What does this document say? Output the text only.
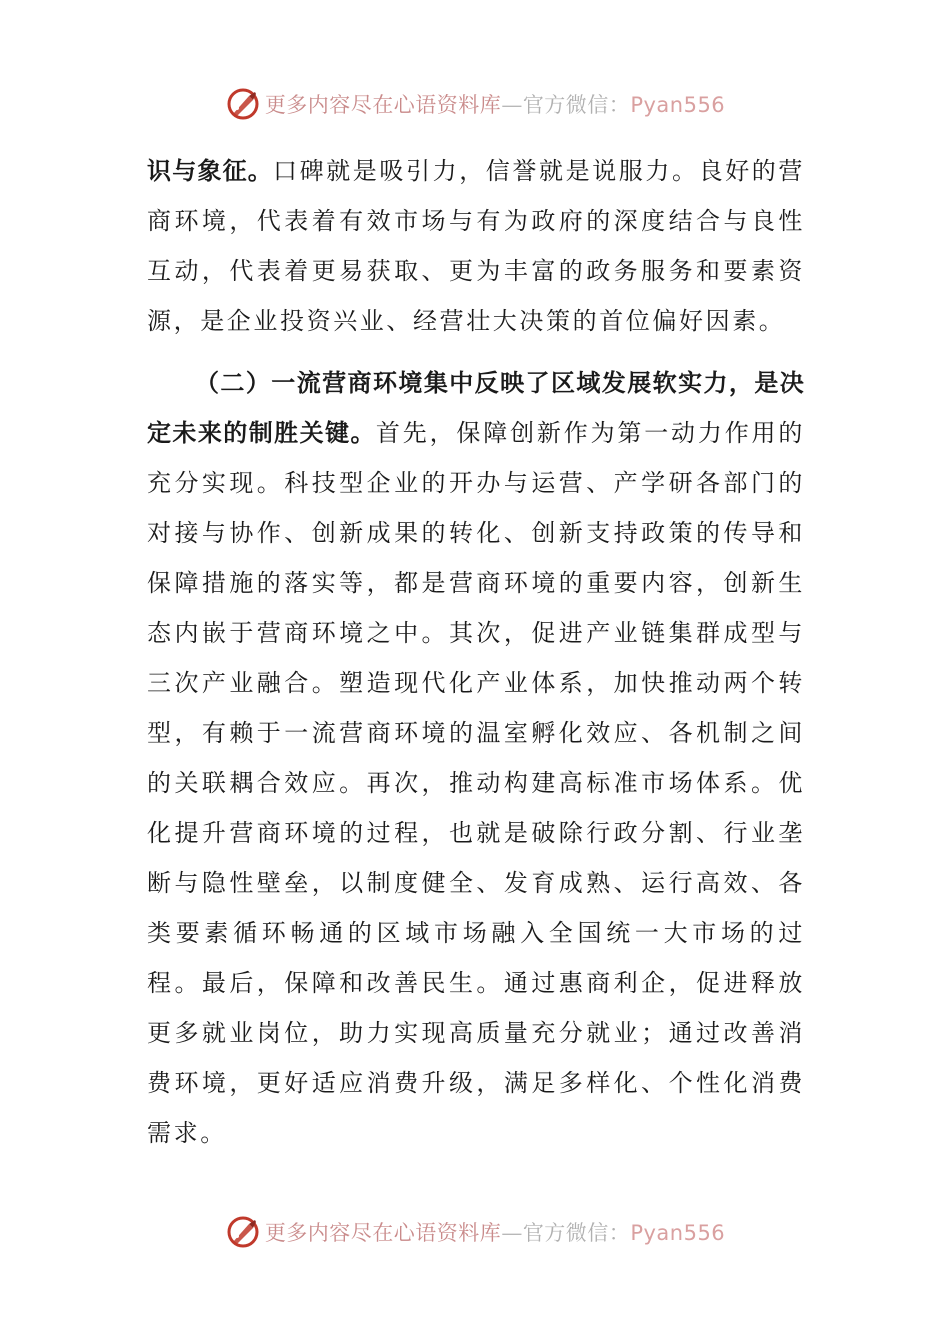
更多内容尽在心语资料库—官方微信：Pyan556

识与象征。口碑就是吸引力，信誉就是说服力。良好的营商环境，代表着有效市场与有为政府的深度结合与良性互动，代表着更易获取、更为丰富的政务服务和要素资源，是企业投资兴业、经营壮大决策的首位偏好因素。

（二）一流营商环境集中反映了区域发展软实力，是决定未来的制胜关键。首先，保障创新作为第一动力作用的充分实现。科技型企业的开办与运营、产学研各部门的对接与协作、创新成果的转化、创新支持政策的传导和保障措施的落实等，都是营商环境的重要内容，创新生态内嵌于营商环境之中。其次，促进产业链集群成型与三次产业融合。塑造现代化产业体系，加快推动两个转型，有赖于一流营商环境的温室孵化效应、各机制之间的关联耦合效应。再次，推动构建高标准市场体系。优化提升营商环境的过程，也就是破除行政分割、行业垄断与隐性壁垒，以制度健全、发育成熟、运行高效、各类要素循环畅通的区域市场融入全国统一大市场的过程。最后，保障和改善民生。通过惠商利企，促进释放更多就业岗位，助力实现高质量充分就业；通过改善消费环境，更好适应消费升级，满足多样化、个性化消费需求。

更多内容尽在心语资料库—官方微信：Pyan556
